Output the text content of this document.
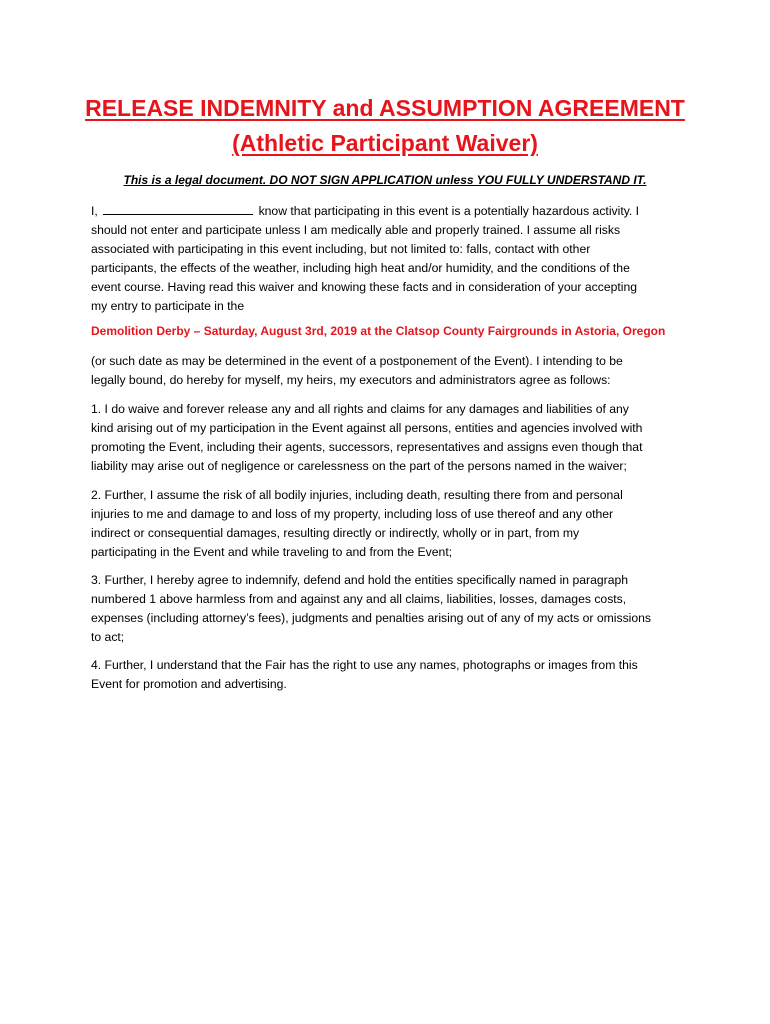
RELEASE INDEMNITY and ASSUMPTION AGREEMENT
(Athletic Participant Waiver)
This is a legal document. DO NOT SIGN APPLICATION unless YOU FULLY UNDERSTAND IT.
I,	know that participating in this event is a potentially hazardous activity. I
should not enter and participate unless I am medically able and properly trained. I assume all risks
associated with participating in this event including, but not limited to: falls, contact with other
participants, the effects of the weather, including high heat and/or humidity, and the conditions of the
event course. Having read this waiver and knowing these facts and in consideration of your accepting
my entry to participate in the
Demolition Derby – Saturday, August 3rd, 2019 at the Clatsop County Fairgrounds in Astoria, Oregon
(or such date as may be determined in the event of a postponement of the Event). I intending to be
legally bound, do hereby for myself, my heirs, my executors and administrators agree as follows:
1. I do waive and forever release any and all rights and claims for any damages and liabilities of any
kind arising out of my participation in the Event against all persons, entities and agencies involved with
promoting the Event, including their agents, successors, representatives and assigns even though that
liability may arise out of negligence or carelessness on the part of the persons named in the waiver;
2. Further, I assume the risk of all bodily injuries, including death, resulting there from and personal
injuries to me and damage to and loss of my property, including loss of use thereof and any other
indirect or consequential damages, resulting directly or indirectly, wholly or in part, from my
participating in the Event and while traveling to and from the Event;
3. Further, I hereby agree to indemnify, defend and hold the entities specifically named in paragraph
numbered 1 above harmless from and against any and all claims, liabilities, losses, damages costs,
expenses (including attorney’s fees), judgments and penalties arising out of any of my acts or omissions
to act;
4. Further, I understand that the Fair has the right to use any names, photographs or images from this
Event for promotion and advertising.
